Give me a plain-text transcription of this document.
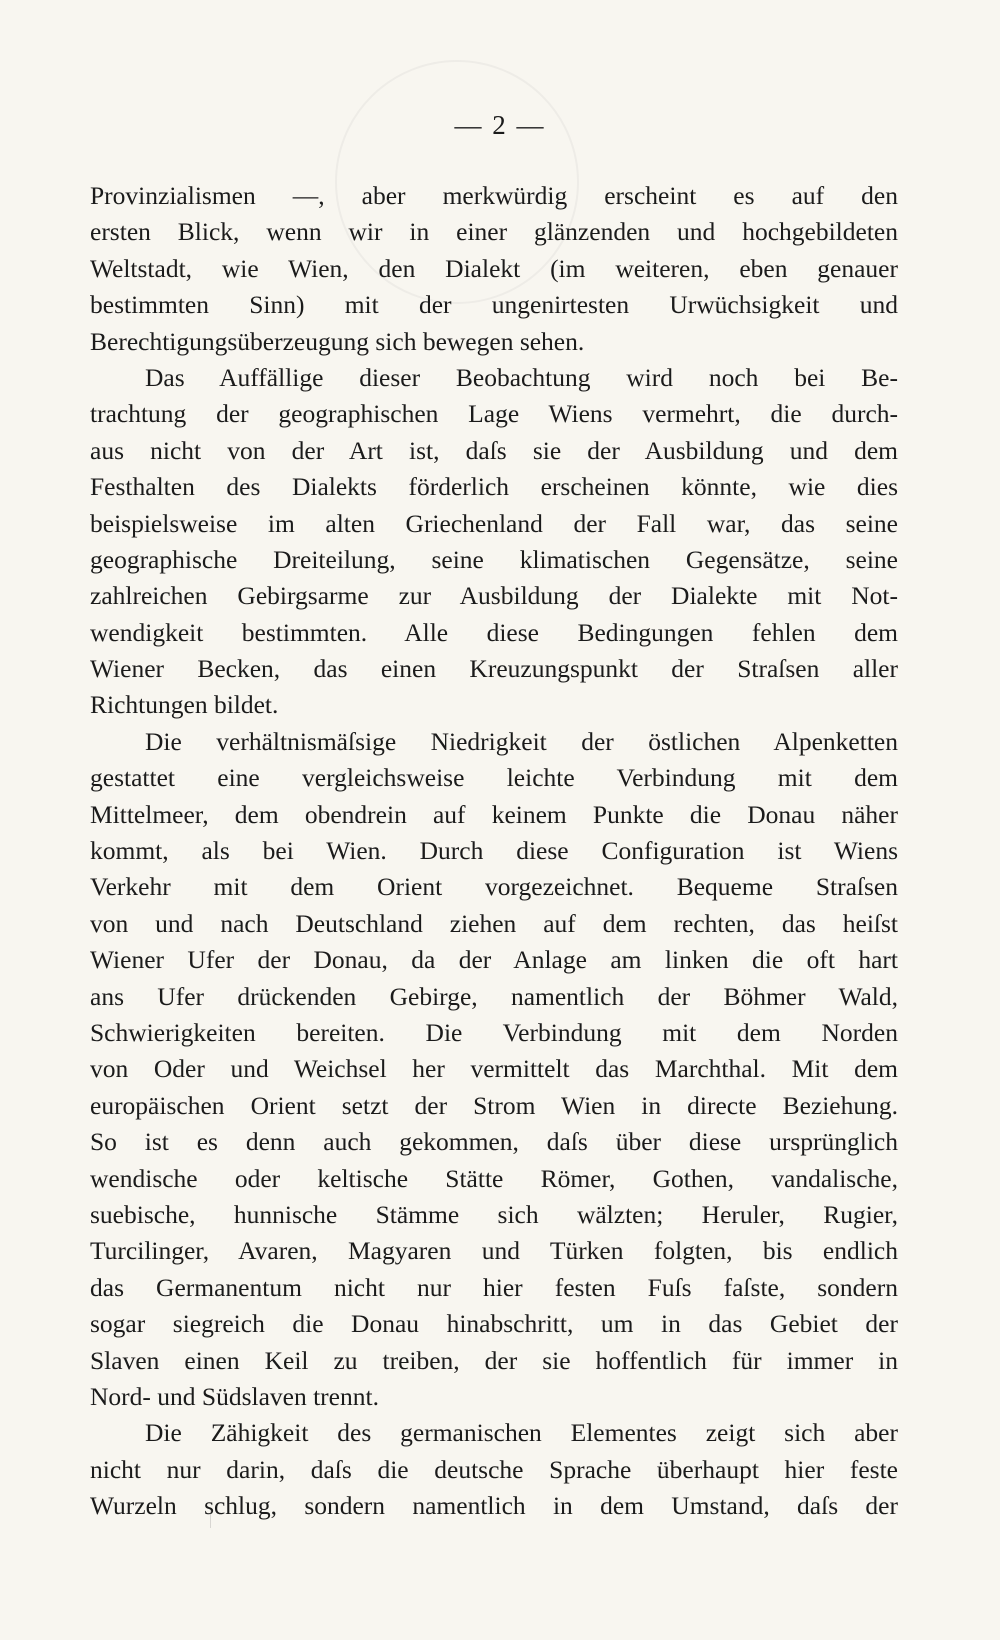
— 2 —
Provinzialismen —, aber merkwürdig erscheint es auf den
ersten Blick, wenn wir in einer glänzenden und hochgebildeten
Weltstadt, wie Wien, den Dialekt (im weiteren, eben genauer
bestimmten Sinn) mit der ungenirtesten Urwüchsigkeit und
Berechtigungsüberzeugung sich bewegen sehen.
Das Auffällige dieser Beobachtung wird noch bei Be-
trachtung der geographischen Lage Wiens vermehrt, die durch-
aus nicht von der Art ist, daſs sie der Ausbildung und dem
Festhalten des Dialekts förderlich erscheinen könnte, wie dies
beispielsweise im alten Griechenland der Fall war, das seine
geographische Dreiteilung, seine klimatischen Gegensätze, seine
zahlreichen Gebirgsarme zur Ausbildung der Dialekte mit Not-
wendigkeit bestimmten. Alle diese Bedingungen fehlen dem
Wiener Becken, das einen Kreuzungspunkt der Straſsen aller
Richtungen bildet.
Die verhältnismäſsige Niedrigkeit der östlichen Alpenketten
gestattet eine vergleichsweise leichte Verbindung mit dem
Mittelmeer, dem obendrein auf keinem Punkte die Donau näher
kommt, als bei Wien. Durch diese Configuration ist Wiens
Verkehr mit dem Orient vorgezeichnet. Bequeme Straſsen
von und nach Deutschland ziehen auf dem rechten, das heiſst
Wiener Ufer der Donau, da der Anlage am linken die oft hart
ans Ufer drückenden Gebirge, namentlich der Böhmer Wald,
Schwierigkeiten bereiten. Die Verbindung mit dem Norden
von Oder und Weichsel her vermittelt das Marchthal. Mit dem
europäischen Orient setzt der Strom Wien in directe Beziehung.
So ist es denn auch gekommen, daſs über diese ursprünglich
wendische oder keltische Stätte Römer, Gothen, vandalische,
suebische, hunnische Stämme sich wälzten; Heruler, Rugier,
Turcilinger, Avaren, Magyaren und Türken folgten, bis endlich
das Germanentum nicht nur hier festen Fuſs faſste, sondern
sogar siegreich die Donau hinabschritt, um in das Gebiet der
Slaven einen Keil zu treiben, der sie hoffentlich für immer in
Nord- und Südslaven trennt.
Die Zähigkeit des germanischen Elementes zeigt sich aber
nicht nur darin, daſs die deutsche Sprache überhaupt hier feste
Wurzeln schlug, sondern namentlich in dem Umstand, daſs der
